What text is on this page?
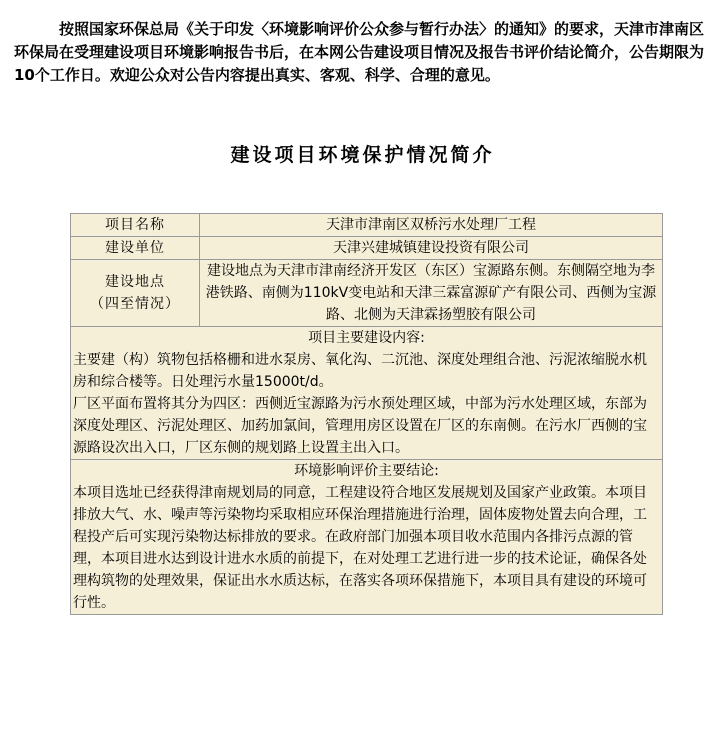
按照国家环保总局《关于印发〈环境影响评价公众参与暂行办法〉的通知》的要求，天津市津南区环保局在受理建设项目环境影响报告书后，在本网公告建设项目情况及报告书评价结论简介，公告期限为10个工作日。欢迎公众对公告内容提出真实、客观、科学、合理的意见。

建设项目环境保护情况简介
项目名称	天津市津南区双桥污水处理厂工程
建设单位	天津兴建城镇建设投资有限公司

建设地点
（四至情况）	建设地点为天津市津南经济开发区（东区）宝源路东侧。东侧隔空地为李港铁路、南侧为110kV变电站和天津三霖富源矿产有限公司、西侧为宝源路、北侧为天津霖扬塑胶有限公司

项目主要建设内容:
主要建（构）筑物包括格栅和进水泵房、氧化沟、二沉池、深度处理组合池、污泥浓缩脱水机房和综合楼等。日处理污水量15000t/d。
厂区平面布置将其分为四区：西侧近宝源路为污水预处理区域，中部为污水处理区域，东部为深度处理区、污泥处理区、加药加氯间，管理用房区设置在厂区的东南侧。在污水厂西侧的宝源路设次出入口，厂区东侧的规划路上设置主出入口。	

环境影响评价主要结论:
本项目选址已经获得津南规划局的同意，工程建设符合地区发展规划及国家产业政策。本项目排放大气、水、噪声等污染物均采取相应环保治理措施进行治理，固体废物处置去向合理，工程投产后可实现污染物达标排放的要求。在政府部门加强本项目收水范围内各排污点源的管理，本项目进水达到设计进水水质的前提下，在对处理工艺进行进一步的技术论证，确保各处理构筑物的处理效果，保证出水水质达标，在落实各项环保措施下，本项目具有建设的环境可行性。	
